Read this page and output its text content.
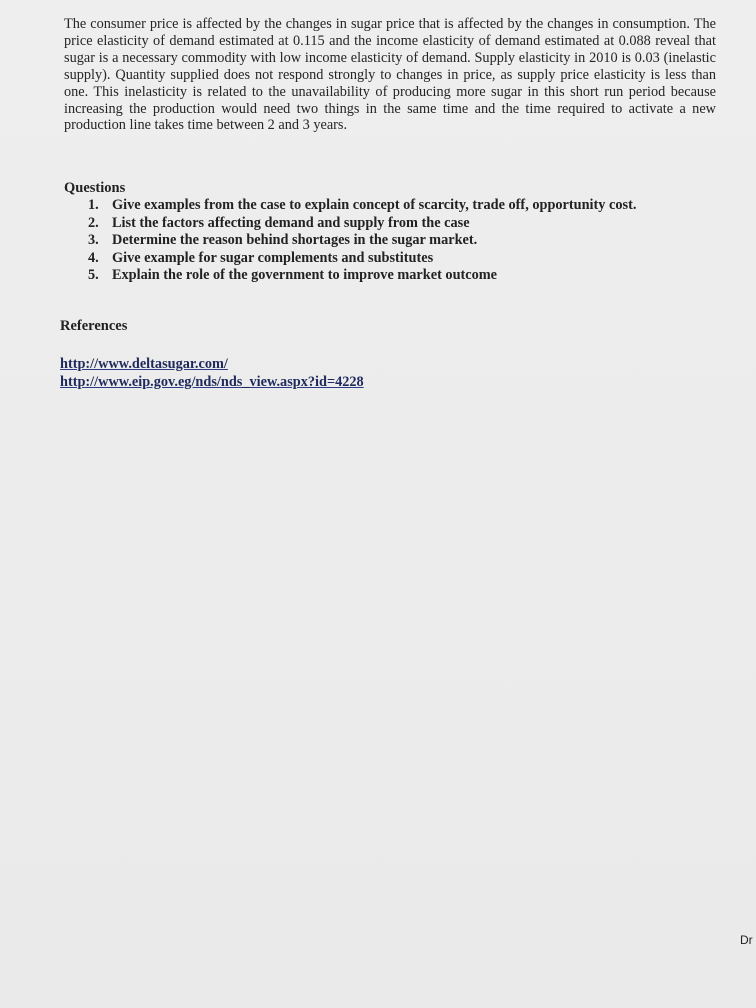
The consumer price is affected by the changes in sugar price that is affected by the changes in consumption. The price elasticity of demand estimated at 0.115 and the income elasticity of demand estimated at 0.088 reveal that sugar is a necessary commodity with low income elasticity of demand. Supply elasticity in 2010 is 0.03 (inelastic supply). Quantity supplied does not respond strongly to changes in price, as supply price elasticity is less than one. This inelasticity is related to the unavailability of producing more sugar in this short run period because increasing the production would need two things in the same time and the time required to activate a new production line takes time between 2 and 3 years.

Questions
1. Give examples from the case to explain concept of scarcity, trade off, opportunity cost.
2. List the factors affecting demand and supply from the case
3. Determine the reason behind shortages in the sugar market.
4. Give example for sugar complements and substitutes
5. Explain the role of the government to improve market outcome
References
http://www.deltasugar.com/
http://www.eip.gov.eg/nds/nds_view.aspx?id=4228
Dr
